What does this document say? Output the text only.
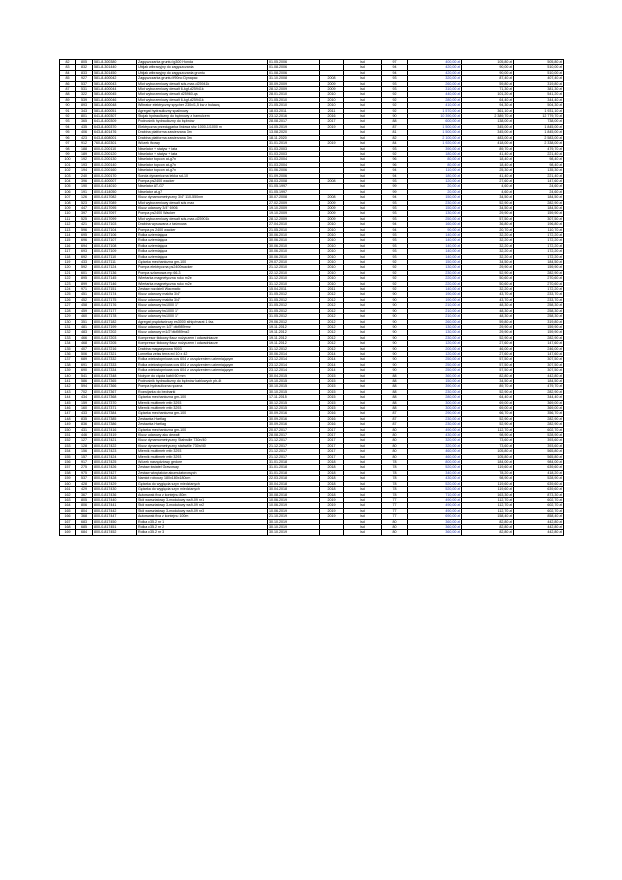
82	805	581-8-300380	Zagęszczarka gruntu lg300 Honda	01.05.2006		lsd	97	400,00 zł	105,80 zł	505,80 zł
83	832	581-8-301440	Ubijak wibracyjny do zagęszczania	01.08.2006		lsd	94	420,00 zł	90,00 zł	510,00 zł
84	833	581-8-301450	Ubijak wibracyjny do zagęszczania gruntu	01.08.2006		lsd	94	420,00 zł	90,00 zł	510,00 zł
85	927	581-8-400042	Zagęszczarka gruntu lf90no Dynapac	31.10.2008	2008	lsd	93	320,00 zł	87,40 zł	407,40 zł
86	537	581-8-400043	Mlot wyburzeniowy dewalt sds-max-d25941k	30.09.2009	2009	lsd	93	260,00 zł	59,80 zł	319,80 zł
87	531	581-8-400044	Mlot wyburzeniowy dewalt 6-kgf-d25941k	28.12.2009	2009	lsd	93	310,00 zł	71,30 zł	381,30 zł
88	322	581-8-400045	Mlot wyburzeniowy dewalt d25960-qs	28.01.2010	2010	lsd	92	440,00 zł	101,20 zł	541,20 zł
89	539	581-8-400046	Mlot wyburzeniowy dewalt 6-kgf-d25941k	21.05.2010	2010	lsd	92	280,00 zł	64,40 zł	344,40 zł
90	893	581-8-400048	Wibrator elektryczny spycher 230v/1,5 kw z buławą	21.05.2010	2010	lsd	92	410,00 zł	94,30 zł	504,30 zł
91	343	581-8-400051	Agregat hydrauliczny spalinowy	18.03.2011	2011	lsd	92	1 570,00 zł	361,10 zł	1 931,10 zł
92	801	641-8-400307	Stojak hydrauliczny do bębnowy z hamulcem	23.12.2016	2016	lsd	90	10 390,00 zł	2 389,70 zł	12 779,70 zł
93	365	641-8-400309	Podnośnik hydrauliczny do bębnów	28.08.2017	2017	lsd	88	600,00 zł	138,00 zł	738,00 zł
94	435	643-8-400370	Elektryczna przeciągarka liniowa shz 1000-1/1000 m	14.05.2019	2019	lsd	87	1 500,00 zł	345,00 zł	1 845,00 zł
95	406	643-8-401476	Drabina platforma zawierzana 3m	13.08.2020		lsd	81	1 500,00 zł	345,00 zł	1 845,00 zł
96	423	643-8-608001	Drabina platforma zawierzana 3m	18.11.2020		lsd	82	2 100,00 zł	483,00 zł	2 583,00 zł
97	912	760-8-402301	Wózek ifcowy	31.01.2019	2019	lsd	84	1 920,00 zł	418,00 zł	2 338,00 zł
98	188	800-0-200110	Niwelator + statyw + łata	01.03.2003		lsd	93	390,00 zł	89,70 zł	479,70 zł
99	189	800-0-200120	Niwelator + statyw + łata	01.03.2003		lsd	92	180,00 zł	41,40 zł	221,40 zł
100	192	800-0-200130	Niwelator topcon at-g7n	01.03.2004		lsd	96	80,00 zł	18,40 zł	98,40 zł
101	193	800-0-200140	Niwelator topcon at-g7n	01.03.2004		lsd	96	80,00 zł	18,40 zł	98,40 zł
102	194	800-0-200160	Niwelator topcon at-g7n	01.06.2006		lsd	94	110,00 zł	25,30 zł	135,30 zł
103	240	800-0-200170	Sonda dynamiczna lekka sd-10	01.09.2006		lsd	94	180,00 zł	41,40 zł	221,40 zł
104	396	800-0-400007	Pompa ps2400 wacker	28.03.2008	2008	lsd	93	120,00 zł	27,60 zł	147,60 zł
105	190	800-0-414010	Niwelator AT-G7	01.05.1997		lsd	99	20,00 zł	4,60 zł	24,60 zł
106	191	800-0-414050	Niwelator at-g7	01.05.1997		lsd	99	20,00 zł	4,60 zł	24,60 zł
107	126	800-0-817082	Klucz dynamometryczny 3/4" 110-550nm	30.07.2008	2008	lsd	94	150,00 zł	34,50 zł	184,50 zł
108	523	800-0-817089	Mlot wyburzeniowy dewalt sds max	27.02.2009	2009	lsd	93	230,00 zł	52,90 zł	282,90 zł
109	447	800-0-817095	Klucz udarowy 3/4" 6906	19.10.2009	2009	lsd	93	150,00 zł	34,50 zł	184,50 zł
110	397	800-0-817097	Pompa ps2400 Wacker	19.10.2009	2009	lsd	93	130,00 zł	29,90 zł	159,90 zł
111	525	800-0-817099	Mlot wyburzeniowy dewalt sds-max-d25901k	28.12.2009	2009	lsd	93	250,00 zł	57,50 zł	307,50 zł
112	421	800-0-817103	Drabina wysuwana z taśmowa	27.04.2010	2010	lsd	94	160,00 zł	36,80 zł	196,80 zł
113	596	800-0-817104	Pompa ps 2400 wacker	21.05.2010	2010	lsd	94	90,00 zł	20,70 zł	110,70 zł
114	695	800-0-817106	Rolka uziemiająca	30.06.2010	2010	lsd	93	140,00 zł	32,20 zł	172,20 zł
115	696	800-0-817107	Rolka uziemiająca	30.06.2010	2010	lsd	93	140,00 zł	32,20 zł	172,20 zł
116	694	800-0-817108	Rolka uziemiająca	30.06.2010	2010	lsd	93	140,00 zł	32,20 zł	172,20 zł
117	693	800-0-817109	Rolka uziemiająca	30.06.2010	2010	lsd	93	140,00 zł	32,20 zł	172,20 zł
118	692	800-0-817110	Rolka uziemiająca	30.06.2010	2010	lsd	93	140,00 zł	32,20 zł	172,20 zł
119	433	800-0-817111	Gętarka mechaniczna gm-100	29.07.2010	2010	lsd	92	150,00 zł	34,50 zł	184,50 zł
120	592	800-0-817124	Pompa elektryczna ps2400wacker	21.12.2010	2010	lsd	92	130,00 zł	29,90 zł	159,90 zł
121	601	800-0-817136	Pompa szlamowa mp 66-3	22.12.2010	2010	lsd	92	230,00 zł	52,90 zł	282,90 zł
122	895	800-0-817145	Wiertarka magnetyczna ruko m2e	31.12.2010	2010	lsd	92	220,00 zł	50,60 zł	270,60 zł
123	899	800-0-817146	Wiertarka magnetyczna ruko m2e	31.12.2010	2010	lsd	92	220,00 zł	50,60 zł	270,60 zł
124	971	800-0-817151	Zestaw rozdzieli Wacmatic	15.04.2011	2011	lsd	92	140,00 zł	32,20 zł	172,20 zł
125	451	800-0-817174	Klucz udarowy makita 3/4"	31.05.2012	2012	lsd	90	190,00 zł	43,70 zł	233,70 zł
126	452	800-0-817175	Klucz udarowy makita 3/4"	31.05.2012	2012	lsd	90	190,00 zł	43,70 zł	233,70 zł
127	458	800-0-817176	Klucz udarowy tw1000 1"	31.05.2012	2012	lsd	90	210,00 zł	48,30 zł	258,30 zł
128	459	800-0-817177	Klucz udarowy tw1000 1"	31.05.2012	2012	lsd	90	210,00 zł	48,30 zł	258,30 zł
129	460	800-0-817178	Klucz udarowy tw1000 1"	31.05.2012	2012	lsd	90	210,00 zł	48,30 zł	258,30 zł
130	351	800-0-817182	Agregat prądotwórczy es3000 sthip/marat 1 faz.	29.06.2012	2012	lsd	90	260,00 zł	59,80 zł	319,80 zł
131	481	800-0-817199	Klucz udarowy m 1/2" dtd989rmz	19.11.2012	2012	lsd	90	130,00 zł	29,90 zł	159,90 zł
132	483	800-0-817202	Klucz udarowy m1/2"dtd989mz2	19.11.2012	2012	lsd	90	130,00 zł	29,90 zł	159,90 zł
133	466	800-0-817203	Kompresor tłokowy fiacz nożyczem i odwadniacze	19.11.2012	2012	lsd	90	230,00 zł	52,90 zł	282,90 zł
134	468	800-0-817205	Kompresor tłokowy fiacz nożyczem i odwadniacze	19.11.2012	2012	lsd	90	120,00 zł	27,60 zł	147,60 zł
135	407	800-0-817216	Drabina magazynowa 9003	31.12.2012	2012	lsd	90	200,00 zł	46,00 zł	246,00 zł
136	506	800-0-817321	Lornetka zeiss terra ed 10 x 42	30.06.2014	2014	lsd	90	120,00 zł	27,60 zł	147,60 zł
137	689	800-0-817332	Rolka wielostopniowa cos 604 z urządzeniem uziemiającym	23.12.2014	2014	lsd	90	250,00 zł	57,50 zł	307,50 zł
138	691	800-0-817333	Rolka wielostopniowa cos 604 z urządzeniem uziemiającym	23.12.2014	2014	lsd	90	250,00 zł	57,50 zł	307,50 zł
139	690	800-0-817334	Rolka wielostopniowa cos 604 z urządzeniem uziemiającym	23.12.2014	2014	lsd	90	250,00 zł	57,50 zł	307,50 zł
140	541	800-0-817348	Nożyce do cięcia kabli 60 mm	30.04.2015	2015	lsd	88	360,00 zł	82,80 zł	442,80 zł
141	586	800-0-817365	Podnośnik hydrauliczny do bębnów kablowych ph-4t	19.10.2015	2015	lsd	88	150,00 zł	34,50 zł	184,50 zł
142	594	800-0-817366	Pompa hydrauliczna ręczna	30.10.2015	2015	lsd	88	390,00 zł	89,70 zł	479,70 zł
143	702	800-0-817367	Rozwijarka do bednarki	30.10.2015	2015	lsd	88	230,00 zł	52,90 zł	282,90 zł
144	434	800-0-817368	Gętarka mechaniczna gm-100	17.11.2015	2015	lsd	88	280,00 zł	64,40 zł	344,40 zł
145	159	800-0-817370	Miernik multimetr mtb 3293	30.12.2015	2015	lsd	88	300,00 zł	69,00 zł	369,00 zł
146	160	800-0-817371	Miernik multimetr mtb 3293	30.12.2015	2015	lsd	88	300,00 zł	69,00 zł	369,00 zł
147	433	800-0-817384	Gętarka mechaniczna gm-100	30.09.2016	2016	lsd	87	290,00 zł	66,70 zł	356,70 zł
148	835	800-0-817385	Zestawka Hartlag	30.09.2016	2016	lsd	87	230,00 zł	52,90 zł	282,90 zł
149	836	800-0-817386	Zestawka Hartlag	30.09.2016	2016	lsd	87	230,00 zł	52,90 zł	282,90 zł
150	431	800-0-817416	Gętarka mechaniczna gm-100	20.07.2017	2017	lsd	80	490,00 zł	112,70 zł	602,70 zł
151	446	800-0-817419	Klucz udarowy aku dewalt	28.08.2017	2017	lsd	80	430,00 zł	98,90 zł	528,90 zł
152	127	800-0-817421	Klucz dynamometryczny Stahwille 730n/40	21.12.2017	2017	lsd	80	320,00 zł	73,60 zł	393,60 zł
153	128	800-0-817422	Klucz dynamometryczny stahwille 730n/40	21.12.2017	2017	lsd	80	320,00 zł	73,60 zł	393,60 zł
154	156	800-0-817423	Miernik multimetr mtb 3293	21.12.2017	2017	lsd	80	460,00 zł	105,80 zł	565,80 zł
155	157	800-0-817424	Miernik multimetr mtb 3293	21.12.2017	2017	lsd	80	460,00 zł	105,80 zł	565,80 zł
156	917	800-0-817425	Wózek narzędziowy gedore	31.01.2018	2018	lsd	78	800,00 zł	184,00 zł	984,00 zł
157	275	800-0-817426	Zestaw świateł Gravoway	31.01.2018	2018	lsd	78	520,00 zł	119,60 zł	639,60 zł
158	975	800-0-817427	Zestaw wkrętaków akumulatorowych	31.01.2018	2018	lsd	78	340,00 zł	78,20 zł	418,20 zł
159	537	800-0-817428	Namiot roboczy 180x180x180cm	22.03.2018	2018	lsd	78	430,00 zł	98,90 zł	528,90 zł
160	428	800-0-817429	Gętarka do wygięcia szyn miedzianych	30.04.2018	2018	lsd	78	520,00 zł	119,60 zł	639,60 zł
161	429	800-0-817430	Gętarka do wygięcia szyn miedzianych	30.04.2018	2018	lsd	78	520,00 zł	119,60 zł	639,60 zł
162	367	800-0-817436	Autowwak fixa z kontejnu 80m	30.08.2018	2018	lsd	78	710,00 zł	163,30 zł	873,30 zł
163	805	800-0-817440	Stół warsztatowy 3-modułowy ws9-09 nr1	10.06.2019	2019	lsd	77	490,00 zł	112,70 zł	602,70 zł
164	806	800-0-817441	Stół warsztatowy 3-modułowy ws9-09 nr2	10.06.2019	2019	lsd	77	490,00 zł	112,70 zł	602,70 zł
165	804	800-0-817442	Stół warsztatowy 3-modułowy ws9-09 nr3	10.06.2019	2019	lsd	77	490,00 zł	112,70 zł	602,70 zł
166	368	800-0-817447	Autowwak fixa z kontejnu 100m	21.10.2019	2019	lsd	77	690,00 zł	158,40 zł	858,40 zł
167	683	800-0-817450	Rolka c35.2 nr 1	30.10.2019		lsd	80	360,00 zł	82,80 zł	442,80 zł
168	685	800-0-817451	Rolka c35.2 nr 2	30.10.2019		lsd	80	360,00 zł	82,80 zł	442,80 zł
169	684	800-0-817452	Rolka c35.2 nr 3	30.10.2019		lsd	80	360,00 zł	82,80 zł	442,80 zł
